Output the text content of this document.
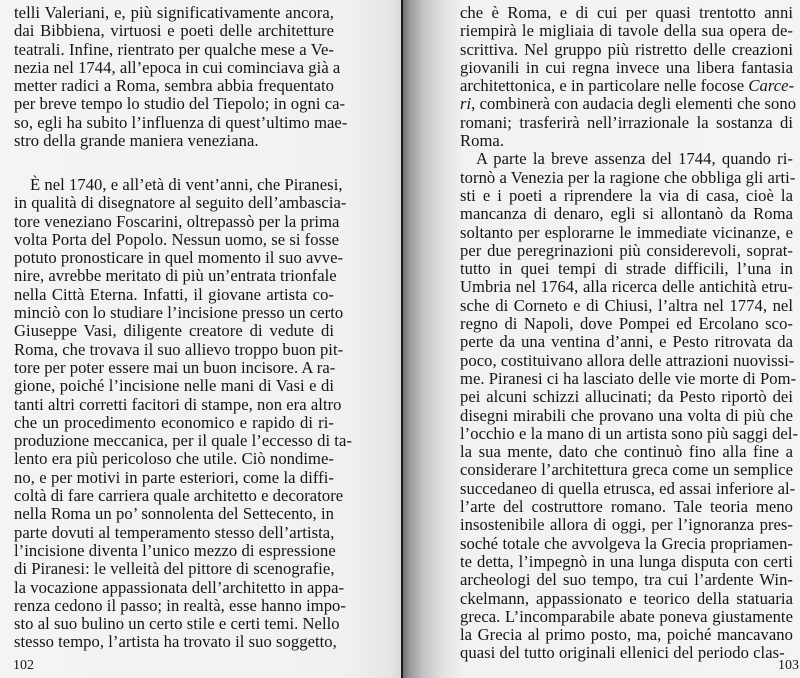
telli Valeriani, e, più significativamente ancora,
dai Bibbiena, virtuosi e poeti delle architetture
teatrali. Infine, rientrato per qualche mese a Ve-
nezia nel 1744, all’epoca in cui cominciava già a
metter radici a Roma, sembra abbia frequentato
per breve tempo lo studio del Tiepolo; in ogni ca-
so, egli ha subito l’influenza di quest’ultimo mae-
stro della grande maniera veneziana.
È nel 1740, e all’età di vent’anni, che Piranesi,
in qualità di disegnatore al seguito dell’ambascia-
tore veneziano Foscarini, oltrepassò per la prima
volta Porta del Popolo. Nessun uomo, se si fosse
potuto pronosticare in quel momento il suo avve-
nire, avrebbe meritato di più un’entrata trionfale
nella Città Eterna. Infatti, il giovane artista co-
minciò con lo studiare l’incisione presso un certo
Giuseppe Vasi, diligente creatore di vedute di
Roma, che trovava il suo allievo troppo buon pit-
tore per poter essere mai un buon incisore. A ra-
gione, poiché l’incisione nelle mani di Vasi e di
tanti altri corretti facitori di stampe, non era altro
che un procedimento economico e rapido di ri-
produzione meccanica, per il quale l’eccesso di ta-
lento era più pericoloso che utile. Ciò nondime-
no, e per motivi in parte esteriori, come la diffi-
coltà di fare carriera quale architetto e decoratore
nella Roma un po’ sonnolenta del Settecento, in
parte dovuti al temperamento stesso dell’artista,
l’incisione diventa l’unico mezzo di espressione
di Piranesi: le velleità del pittore di scenografie,
la vocazione appassionata dell’architetto in appa-
renza cedono il passo; in realtà, esse hanno impo-
sto al suo bulino un certo stile e certi temi. Nello
stesso tempo, l’artista ha trovato il suo soggetto,
102
che è Roma, e di cui per quasi trentotto anni
riempirà le migliaia di tavole della sua opera de-
scrittiva. Nel gruppo più ristretto delle creazioni
giovanili in cui regna invece una libera fantasia
architettonica, e in particolare nelle focose Carce-
ri, combinerà con audacia degli elementi che sono
romani; trasferirà nell’irrazionale la sostanza di
Roma.
A parte la breve assenza del 1744, quando ri-
tornò a Venezia per la ragione che obbliga gli arti-
sti e i poeti a riprendere la via di casa, cioè la
mancanza di denaro, egli si allontanò da Roma
soltanto per esplorarne le immediate vicinanze, e
per due peregrinazioni più considerevoli, soprat-
tutto in quei tempi di strade difficili, l’una in
Umbria nel 1764, alla ricerca delle antichità etru-
sche di Corneto e di Chiusi, l’altra nel 1774, nel
regno di Napoli, dove Pompei ed Ercolano sco-
perte da una ventina d’anni, e Pesto ritrovata da
poco, costituivano allora delle attrazioni nuovissi-
me. Piranesi ci ha lasciato delle vie morte di Pom-
pei alcuni schizzi allucinati; da Pesto riportò dei
disegni mirabili che provano una volta di più che
l’occhio e la mano di un artista sono più saggi del-
la sua mente, dato che continuò fino alla fine a
considerare l’architettura greca come un semplice
succedaneo di quella etrusca, ed assai inferiore al-
l’arte del costruttore romano. Tale teoria meno
insostenibile allora di oggi, per l’ignoranza pres-
soché totale che avvolgeva la Grecia propriamen-
te detta, l’impegnò in una lunga disputa con certi
archeologi del suo tempo, tra cui l’ardente Win-
ckelmann, appassionato e teorico della statuaria
greca. L’incomparabile abate poneva giustamente
la Grecia al primo posto, ma, poiché mancavano
quasi del tutto originali ellenici del periodo clas-
103
